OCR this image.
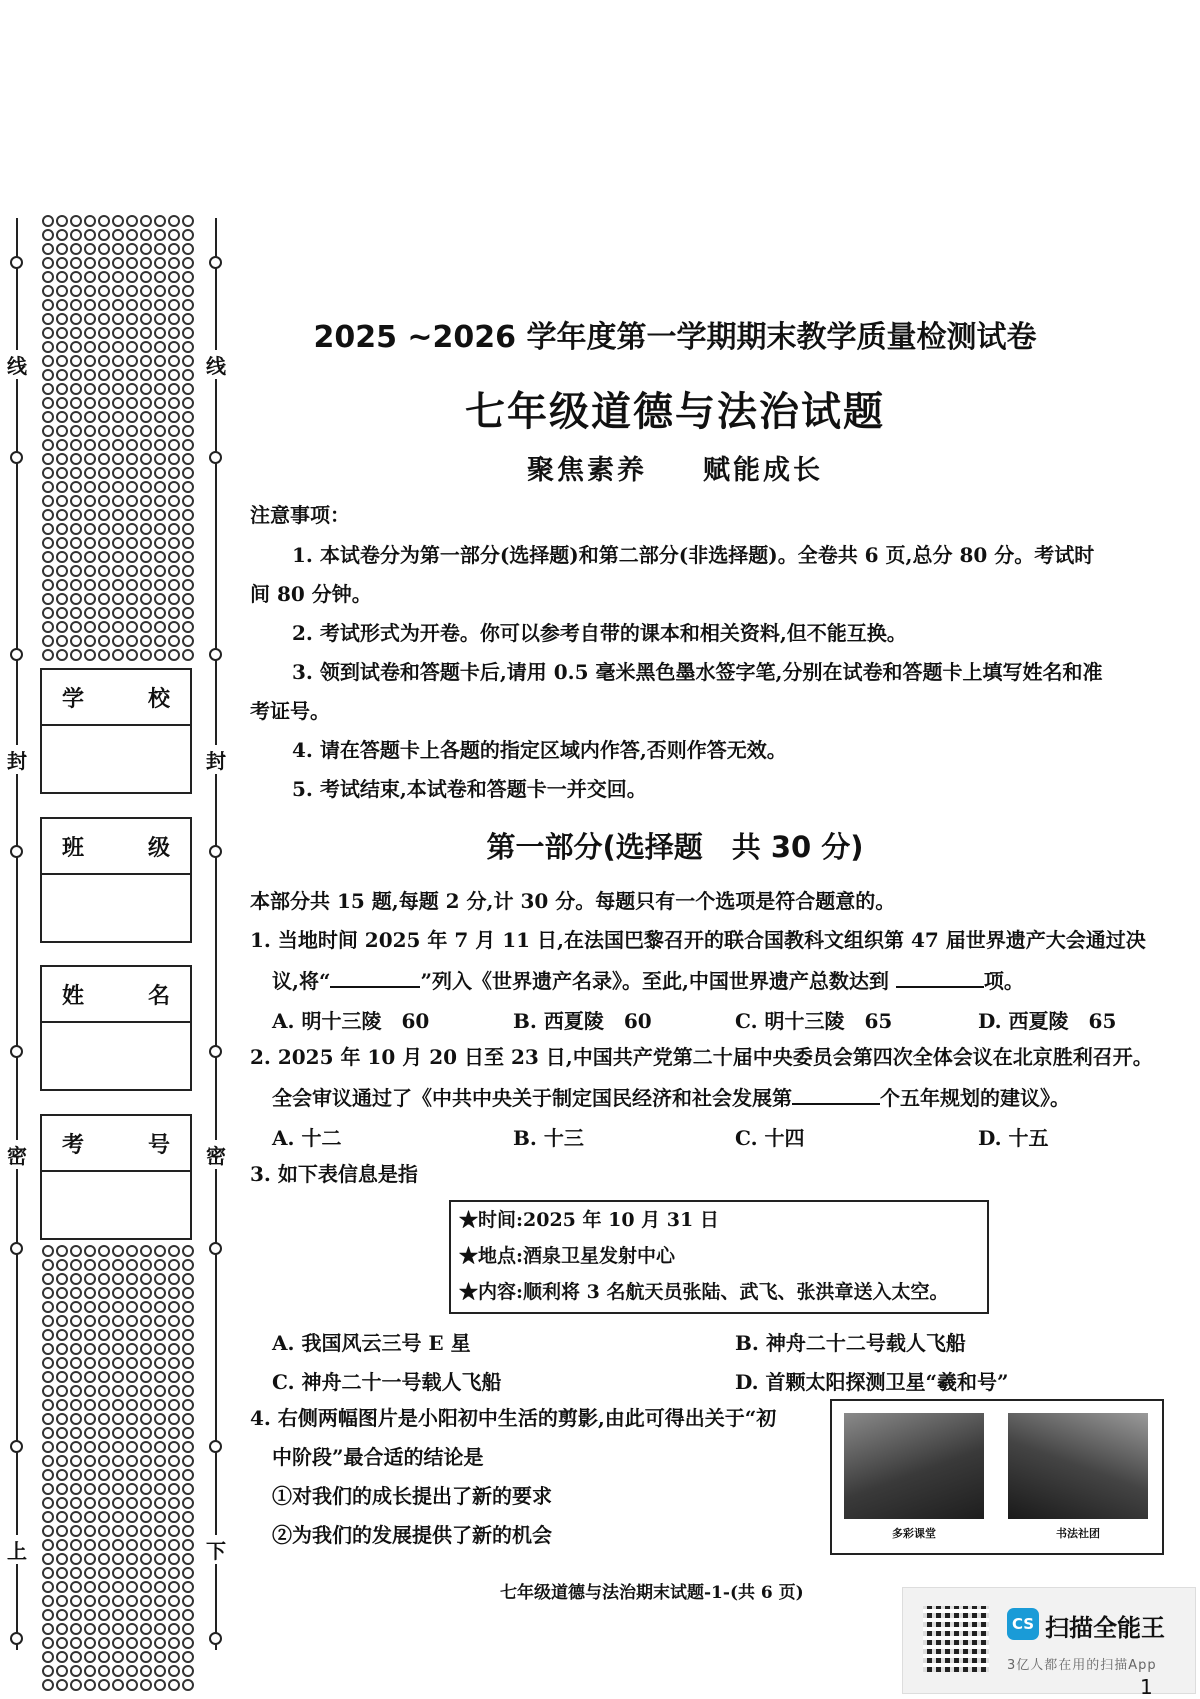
线
封
密
上
线
封
密
下
学	校
班	级
姓	名
考	号
2025 ~2026 学年度第一学期期末教学质量检测试卷
七年级道德与法治试题
聚焦素养 赋能成长
注意事项：
1. 本试卷分为第一部分(选择题)和第二部分(非选择题)。全卷共 6 页,总分 80 分。考试时
间 80 分钟。
2. 考试形式为开卷。你可以参考自带的课本和相关资料,但不能互换。
3. 领到试卷和答题卡后,请用 0.5 毫米黑色墨水签字笔,分别在试卷和答题卡上填写姓名和准
考证号。
4. 请在答题卡上各题的指定区域内作答,否则作答无效。
5. 考试结束,本试卷和答题卡一并交回。
第一部分(选择题　共 30 分)
本部分共 15 题,每题 2 分,计 30 分。每题只有一个选项是符合题意的。
1. 当地时间 2025 年 7 月 11 日,在法国巴黎召开的联合国教科文组织第 47 届世界遗产大会通过决
议,将“	”列入《世界遗产名录》。至此,中国世界遗产总数达到	项。
A. 明十三陵　60	B. 西夏陵　60	C. 明十三陵　65	D. 西夏陵　65
2. 2025 年 10 月 20 日至 23 日,中国共产党第二十届中央委员会第四次全体会议在北京胜利召开。
全会审议通过了《中共中央关于制定国民经济和社会发展第	个五年规划的建议》。
A. 十二	B. 十三	C. 十四	D. 十五
3. 如下表信息是指
★时间:2025 年 10 月 31 日
★地点:酒泉卫星发射中心
★内容:顺利将 3 名航天员张陆、武飞、张洪章送入太空。
A. 我国风云三号 E 星	B. 神舟二十二号载人飞船
C. 神舟二十一号载人飞船	D. 首颗太阳探测卫星“羲和号”
4. 右侧两幅图片是小阳初中生活的剪影,由此可得出关于“初
中阶段”最合适的结论是
①对我们的成长提出了新的要求
②为我们的发展提供了新的机会	多彩课堂	书法社团
七年级道德与法治期末试题-1-(共 6 页)
CS 扫描全能王
3亿人都在用的扫描App
1
